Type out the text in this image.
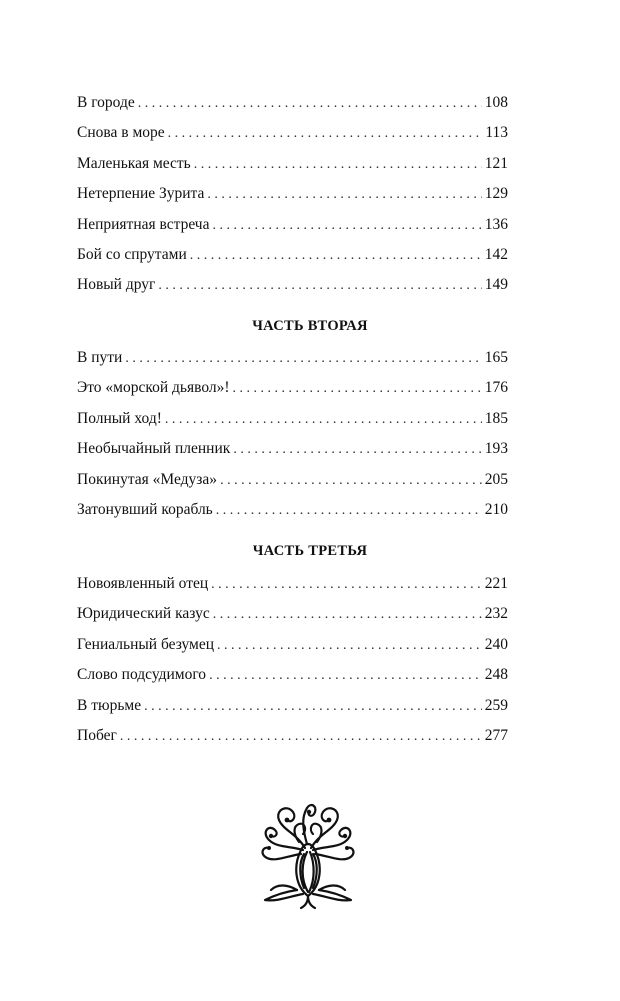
В городе . . .	108
Снова в море . . .	113
Маленькая месть . . .	121
Нетерпение Зурита . . .	129
Неприятная встреча . . .	136
Бой со спрутами . . .	142
Новый друг . . .	149
ЧАСТЬ ВТОРАЯ
В пути . . .	165
Это «морской дьявол»! . . .	176
Полный ход! . . .	185
Необычайный пленник . . .	193
Покинутая «Медуза» . . .	205
Затонувший корабль . . .	210
ЧАСТЬ ТРЕТЬЯ
Новоявленный отец . . .	221
Юридический казус . . .	232
Гениальный безумец . . .	240
Слово подсудимого . . .	248
В тюрьме . . .	259
Побег . . .	277
